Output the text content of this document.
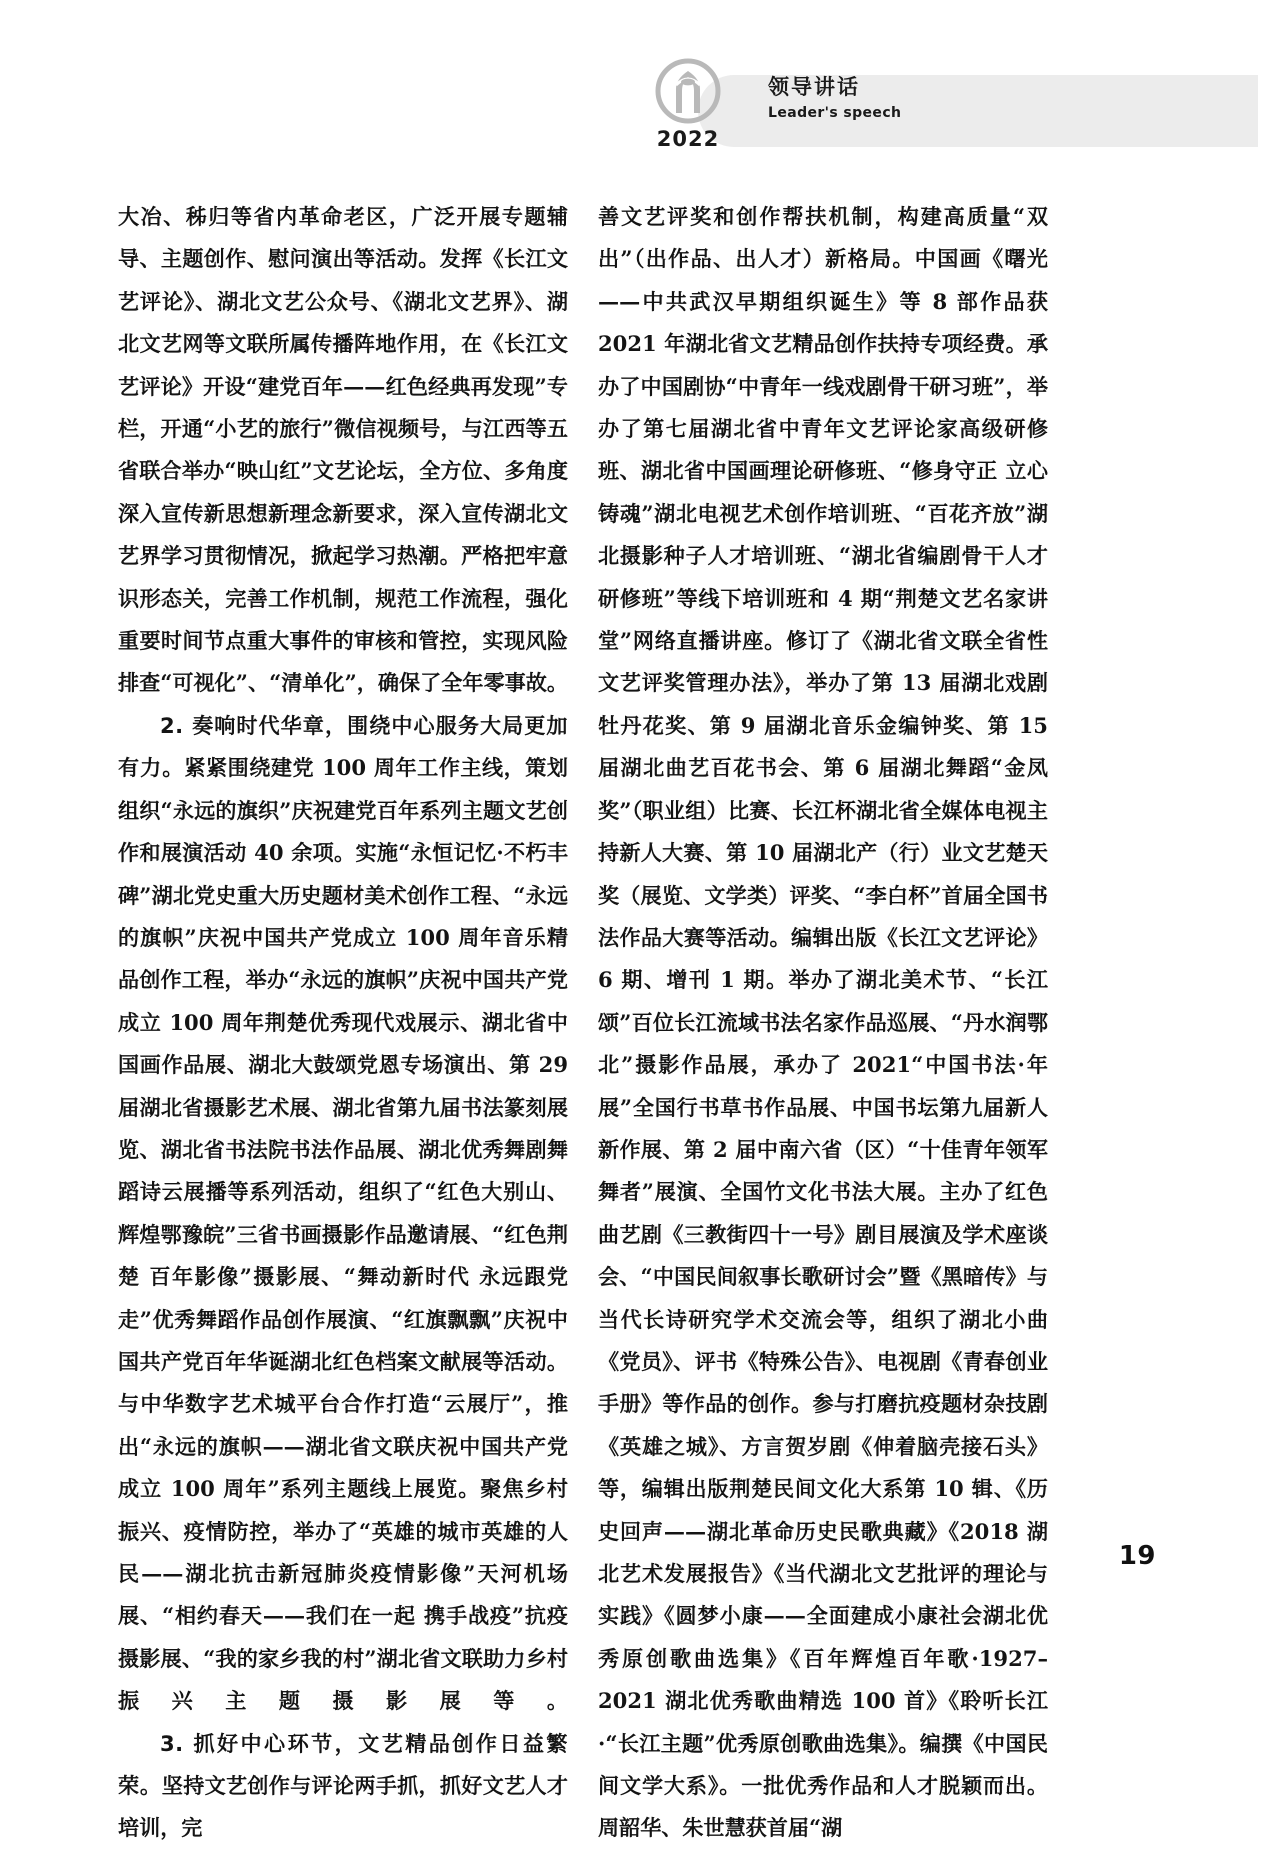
2022
领导讲话
Leader's speech

大冶、秭归等省内革命老区，广泛开展专题辅导、主题创作、慰问演出等活动。发挥《长江文艺评论》、湖北文艺公众号、《湖北文艺界》、湖北文艺网等文联所属传播阵地作用，在《长江文艺评论》开设“建党百年——红色经典再发现”专栏，开通“小艺的旅行”微信视频号，与江西等五省联合举办“映山红”文艺论坛，全方位、多角度深入宣传新思想新理念新要求，深入宣传湖北文艺界学习贯彻情况，掀起学习热潮。严格把牢意识形态关，完善工作机制，规范工作流程，强化重要时间节点重大事件的审核和管控，实现风险排查“可视化”、“清单化”，确保了全年零事故。

2. 奏响时代华章，围绕中心服务大局更加有力。紧紧围绕建党 100 周年工作主线，策划组织“永远的旗织”庆祝建党百年系列主题文艺创作和展演活动 40 余项。实施“永恒记忆·不朽丰碑”湖北党史重大历史题材美术创作工程、“永远的旗帜”庆祝中国共产党成立 100 周年音乐精品创作工程，举办“永远的旗帜”庆祝中国共产党成立 100 周年荆楚优秀现代戏展示、湖北省中国画作品展、湖北大鼓颂党恩专场演出、第 29 届湖北省摄影艺术展、湖北省第九届书法篆刻展览、湖北省书法院书法作品展、湖北优秀舞剧舞蹈诗云展播等系列活动，组织了“红色大别山、辉煌鄂豫皖”三省书画摄影作品邀请展、“红色荆楚 百年影像”摄影展、“舞动新时代 永远跟党走”优秀舞蹈作品创作展演、“红旗飘飘”庆祝中国共产党百年华诞湖北红色档案文献展等活动。与中华数字艺术城平台合作打造“云展厅”，推出“永远的旗帜——湖北省文联庆祝中国共产党成立 100 周年”系列主题线上展览。聚焦乡村振兴、疫情防控，举办了“英雄的城市英雄的人民——湖北抗击新冠肺炎疫情影像”天河机场展、“相约春天——我们在一起 携手战疫”抗疫摄影展、“我的家乡我的村”湖北省文联助力乡村振兴主题摄影展等。

3. 抓好中心环节，文艺精品创作日益繁荣。坚持文艺创作与评论两手抓，抓好文艺人才培训，完

善文艺评奖和创作帮扶机制，构建高质量“双出”（出作品、出人才）新格局。中国画《曙光——中共武汉早期组织诞生》等 8 部作品获 2021 年湖北省文艺精品创作扶持专项经费。承办了中国剧协“中青年一线戏剧骨干研习班”，举办了第七届湖北省中青年文艺评论家高级研修班、湖北省中国画理论研修班、“修身守正 立心铸魂”湖北电视艺术创作培训班、“百花齐放”湖北摄影种子人才培训班、“湖北省编剧骨干人才研修班”等线下培训班和 4 期“荆楚文艺名家讲堂”网络直播讲座。修订了《湖北省文联全省性文艺评奖管理办法》，举办了第 13 届湖北戏剧牡丹花奖、第 9 届湖北音乐金编钟奖、第 15 届湖北曲艺百花书会、第 6 届湖北舞蹈“金凤奖”（职业组）比赛、长江杯湖北省全媒体电视主持新人大赛、第 10 届湖北产（行）业文艺楚天奖（展览、文学类）评奖、“李白杯”首届全国书法作品大赛等活动。编辑出版《长江文艺评论》6 期、增刊 1 期。举办了湖北美术节、“长江颂”百位长江流域书法名家作品巡展、“丹水润鄂北”摄影作品展，承办了 2021“中国书法·年展”全国行书草书作品展、中国书坛第九届新人新作展、第 2 届中南六省（区）“十佳青年领军舞者”展演、全国竹文化书法大展。主办了红色曲艺剧《三教街四十一号》剧目展演及学术座谈会、“中国民间叙事长歌研讨会”暨《黑暗传》与当代长诗研究学术交流会等，组织了湖北小曲《党员》、评书《特殊公告》、电视剧《青春创业手册》等作品的创作。参与打磨抗疫题材杂技剧《英雄之城》、方言贺岁剧《伸着脑壳接石头》等，编辑出版荆楚民间文化大系第 10 辑、《历史回声——湖北革命历史民歌典藏》《2018 湖北艺术发展报告》《当代湖北文艺批评的理论与实践》《圆梦小康——全面建成小康社会湖北优秀原创歌曲选集》《百年辉煌百年歌·1927–2021 湖北优秀歌曲精选 100 首》《聆听长江·“长江主题”优秀原创歌曲选集》。编撰《中国民间文学大系》。一批优秀作品和人才脱颖而出。周韶华、朱世慧获首届“湖

19
